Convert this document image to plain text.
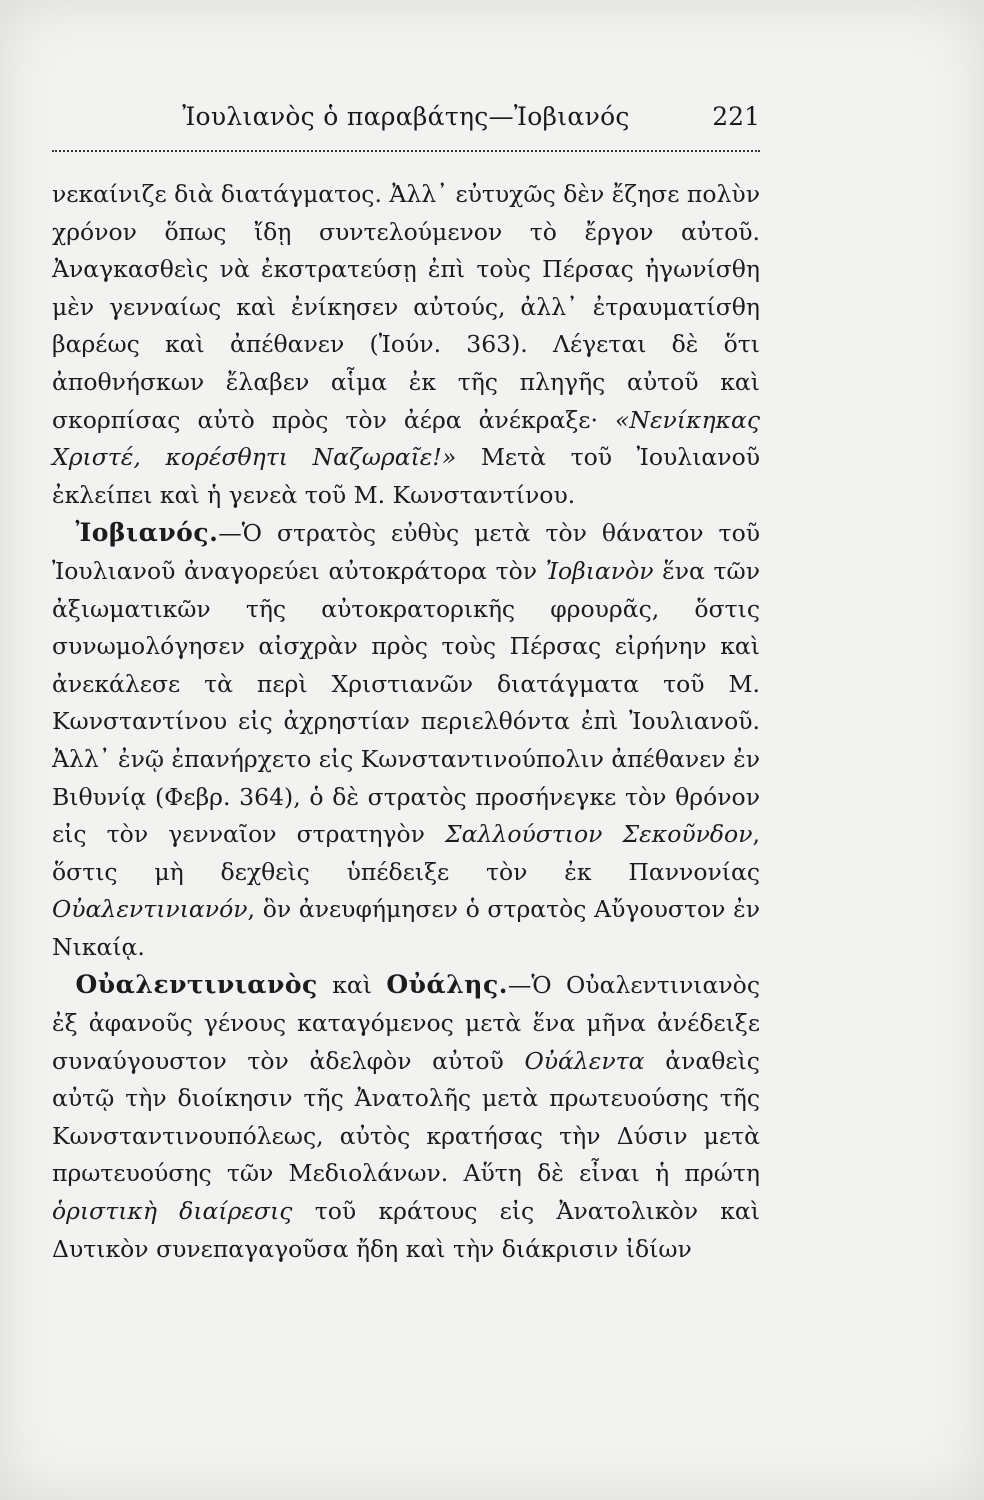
Ἰουλιανὸς ὁ παραβάτης—Ἰοβιανός	221

νεκαίνιζε διὰ διατάγματος. Ἀλλ᾿ εὐτυχῶς δὲν ἔζησε πολὺν χρόνον ὅπως ἴδῃ συντελούμενον τὸ ἔργον αὐτοῦ. Ἀναγκασθεὶς νὰ ἐκστρατεύσῃ ἐπὶ τοὺς Πέρσας ἠγωνίσθη μὲν γενναίως καὶ ἐνίκησεν αὐτούς, ἀλλ᾿ ἐτραυματίσθη βαρέως καὶ ἀπέθανεν (Ἰούν. 363). Λέγεται δὲ ὅτι ἀποθνήσκων ἔλαβεν αἷμα ἐκ τῆς πληγῆς αὐτοῦ καὶ σκορπίσας αὐτὸ πρὸς τὸν ἀέρα ἀνέκραξε· «Νενίκηκας Χριστέ, κορέσθητι Ναζωραῖε!» Μετὰ τοῦ Ἰουλιανοῦ ἐκλείπει καὶ ἡ γενεὰ τοῦ Μ. Κωνσταντίνου.

 Ἰοβιανός.—Ὁ στρατὸς εὐθὺς μετὰ τὸν θάνατον τοῦ Ἰουλιανοῦ ἀναγορεύει αὐτοκράτορα τὸν Ἰοβιανὸν ἕνα τῶν ἀξιωματικῶν τῆς αὐτοκρατορικῆς φρουρᾶς, ὅστις συνωμολόγησεν αἰσχρὰν πρὸς τοὺς Πέρσας εἰρήνην καὶ ἀνεκάλεσε τὰ περὶ Χριστιανῶν διατάγματα τοῦ Μ. Κωνσταντίνου εἰς ἀχρηστίαν περιελθόντα ἐπὶ Ἰουλιανοῦ. Ἀλλ᾿ ἐνῷ ἐπανήρχετο εἰς Κωνσταντινούπολιν ἀπέθανεν ἐν Βιθυνίᾳ (Φεβρ. 364), ὁ δὲ στρατὸς προσήνεγκε τὸν θρόνον εἰς τὸν γενναῖον στρατηγὸν Σαλλούστιον Σεκοῦνδον, ὅστις μὴ δεχθεὶς ὑπέδειξε τὸν ἐκ Παννονίας Οὐαλεντινιανόν, ὃν ἀνευφήμησεν ὁ στρατὸς Αὔγουστον ἐν Νικαίᾳ.

 Οὐαλεντινιανὸς καὶ Οὐάλης.—Ὁ Οὐαλεντινιανὸς ἐξ ἀφανοῦς γένους καταγόμενος μετὰ ἕνα μῆνα ἀνέδειξε συναύγουστον τὸν ἀδελφὸν αὐτοῦ Οὐάλεντα ἀναθεὶς αὐτῷ τὴν διοίκησιν τῆς Ἀνατολῆς μετὰ πρωτευούσης τῆς Κωνσταντινουπόλεως, αὐτὸς κρατήσας τὴν Δύσιν μετὰ πρωτευούσης τῶν Μεδιολάνων. Αὕτη δὲ εἶναι ἡ πρώτη ὁριστικὴ διαίρεσις τοῦ κράτους εἰς Ἀνατολικὸν καὶ Δυτικὸν συνεπαγαγοῦσα ἤδη καὶ τὴν διάκρισιν ἰδίων
